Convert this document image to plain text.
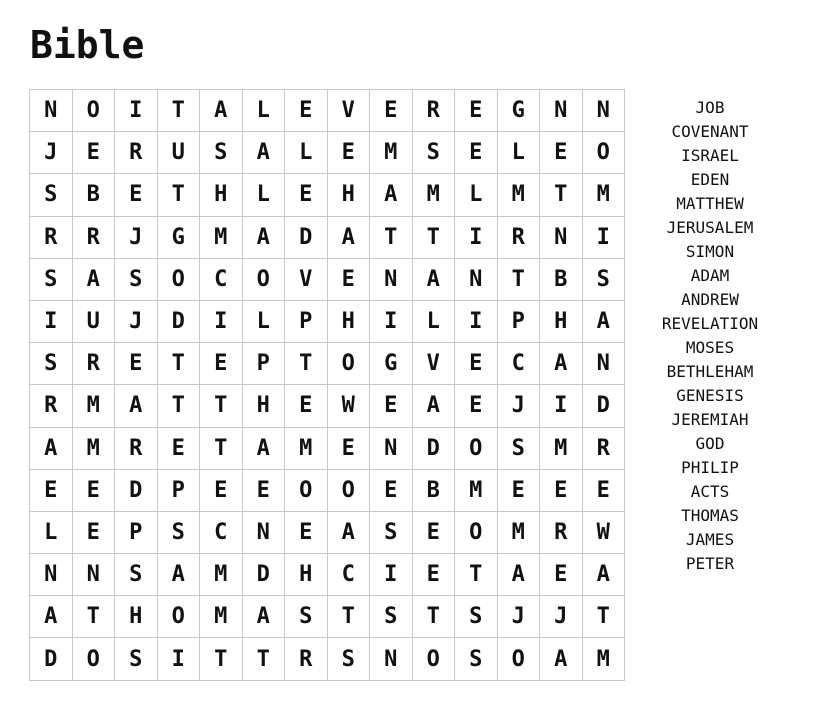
Bible
N	O	I	T	A	L	E	V	E	R	E	G	N	N
J	E	R	U	S	A	L	E	M	S	E	L	E	O
S	B	E	T	H	L	E	H	A	M	L	M	T	M
R	R	J	G	M	A	D	A	T	T	I	R	N	I
S	A	S	O	C	O	V	E	N	A	N	T	B	S
I	U	J	D	I	L	P	H	I	L	I	P	H	A
S	R	E	T	E	P	T	O	G	V	E	C	A	N
R	M	A	T	T	H	E	W	E	A	E	J	I	D
A	M	R	E	T	A	M	E	N	D	O	S	M	R
E	E	D	P	E	E	O	O	E	B	M	E	E	E
L	E	P	S	C	N	E	A	S	E	O	M	R	W
N	N	S	A	M	D	H	C	I	E	T	A	E	A
A	T	H	O	M	A	S	T	S	T	S	J	J	T
D	O	S	I	T	T	R	S	N	O	S	O	A	M
JOB
COVENANT
ISRAEL
EDEN
MATTHEW
JERUSALEM
SIMON
ADAM
ANDREW
REVELATION
MOSES
BETHLEHAM
GENESIS
JEREMIAH
GOD
PHILIP
ACTS
THOMAS
JAMES
PETER
